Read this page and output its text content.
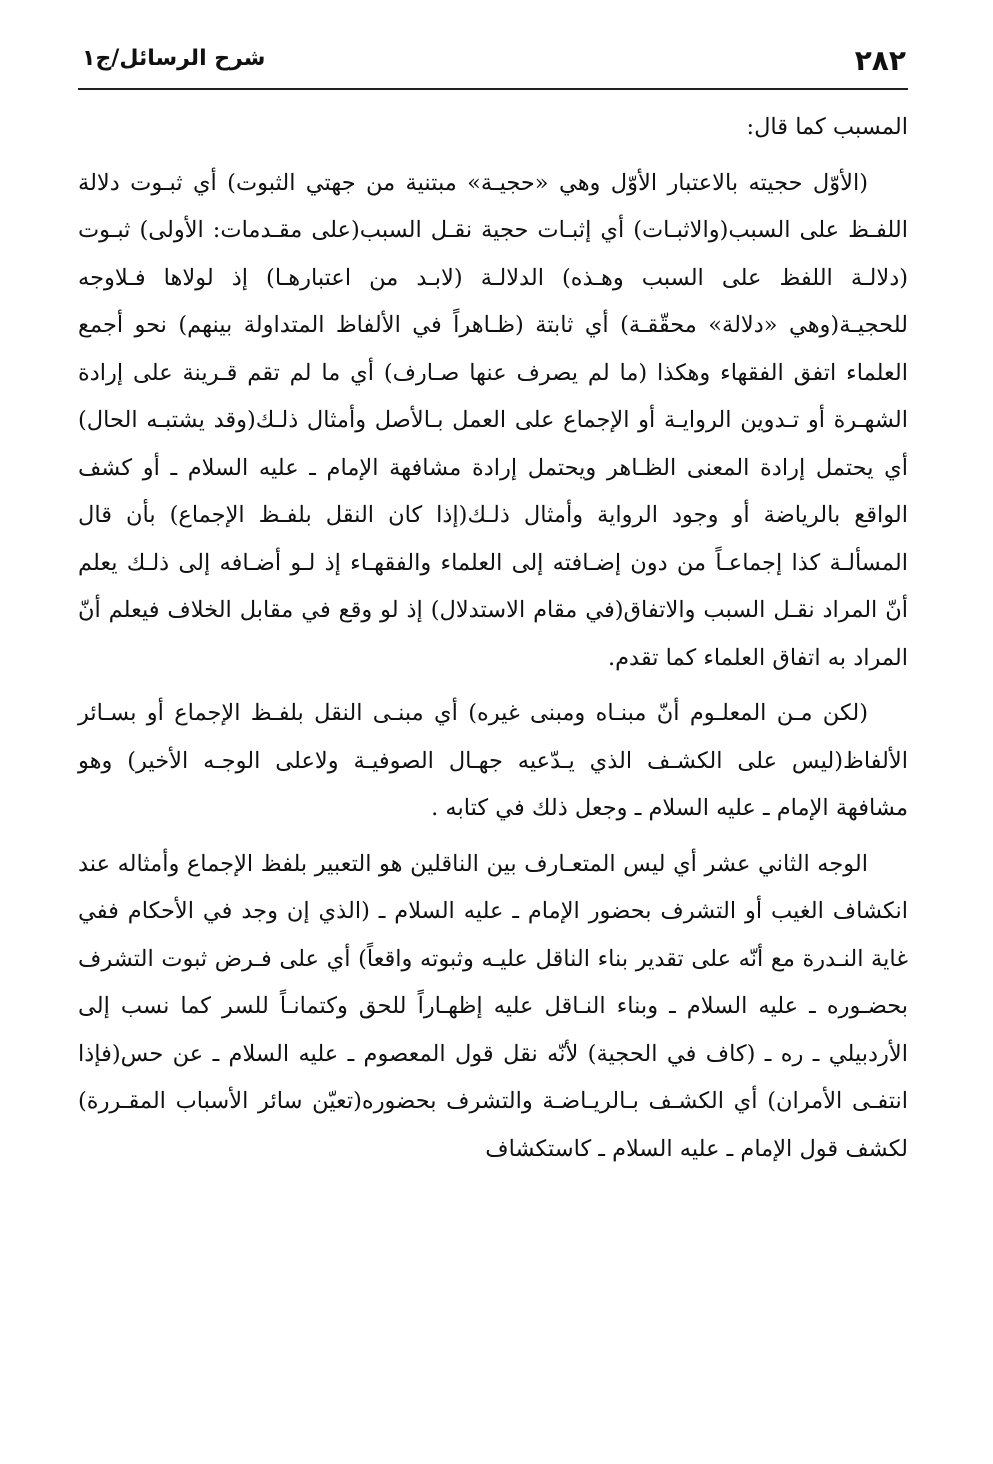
٢٨٢
شرح الرسائل/ج١

المسبب كما قال:

(الأوّل حجيته بالاعتبار الأوّل وهي «حجيـة» مبتنية من جهتي الثبوت) أي ثبـوت دلالة اللفـظ على السبب(والاثبـات) أي إثبـات حجية نقـل السبب(على مقـدمات: الأولى) ثبـوت (دلالـة اللفظ على السبب وهـذه) الدلالـة (لابـد من اعتبارهـا) إذ لولاها فـلاوجه للحجيـة(وهي «دلالة» محقّقـة) أي ثابتة (ظـاهراً في الألفاظ المتداولة بينهم) نحو أجمع العلماء اتفق الفقهاء وهكذا (ما لم يصرف عنها صـارف) أي ما لم تقم قـرينة على إرادة الشهـرة أو تـدوين الروايـة أو الإجماع على العمل بـالأصل وأمثال ذلـك(وقد يشتبـه الحال) أي يحتمل إرادة المعنى الظـاهر ويحتمل إرادة مشافهة الإمام ـ عليه السلام ـ أو كشف الواقع بالرياضة أو وجود الرواية وأمثال ذلـك(إذا كان النقل بلفـظ الإجماع) بأن قال المسألـة كذا إجماعـاً من دون إضـافته إلى العلماء والفقهـاء إذ لـو أضـافه إلى ذلـك يعلم أنّ المراد نقـل السبب والاتفاق(في مقام الاستدلال) إذ لو وقع في مقابل الخلاف فيعلم أنّ المراد به اتفاق العلماء كما تقدم.

(لكن مـن المعلـوم أنّ مبنـاه ومبنى غيره) أي مبنـى النقل بلفـظ الإجماع أو بسـائر الألفاظ(ليس على الكشـف الذي يـدّعيه جهـال الصوفيـة ولاعلى الوجـه الأخير) وهو مشافهة الإمام ـ عليه السلام ـ وجعل ذلك في كتابه .

الوجه الثاني عشر أي ليس المتعـارف بين الناقلين هو التعبير بلفظ الإجماع وأمثاله عند انكشاف الغيب أو التشرف بحضور الإمام ـ عليه السلام ـ (الذي إن وجد في الأحكام ففي غاية النـدرة مع أنّه على تقدير بناء الناقل عليـه وثبوته واقعاً) أي على فـرض ثبوت التشرف بحضـوره ـ عليه السلام ـ وبناء النـاقل عليه إظهـاراً للحق وكتمانـاً للسر كما نسب إلى الأردبيلي ـ ره ـ (كاف في الحجية) لأنّه نقل قول المعصوم ـ عليه السلام ـ عن حس(فإذا انتفـى الأمران) أي الكشـف بـالريـاضـة والتشرف بحضوره(تعيّن سائر الأسباب المقـررة) لكشف قول الإمام ـ عليه السلام ـ كاستكشاف
